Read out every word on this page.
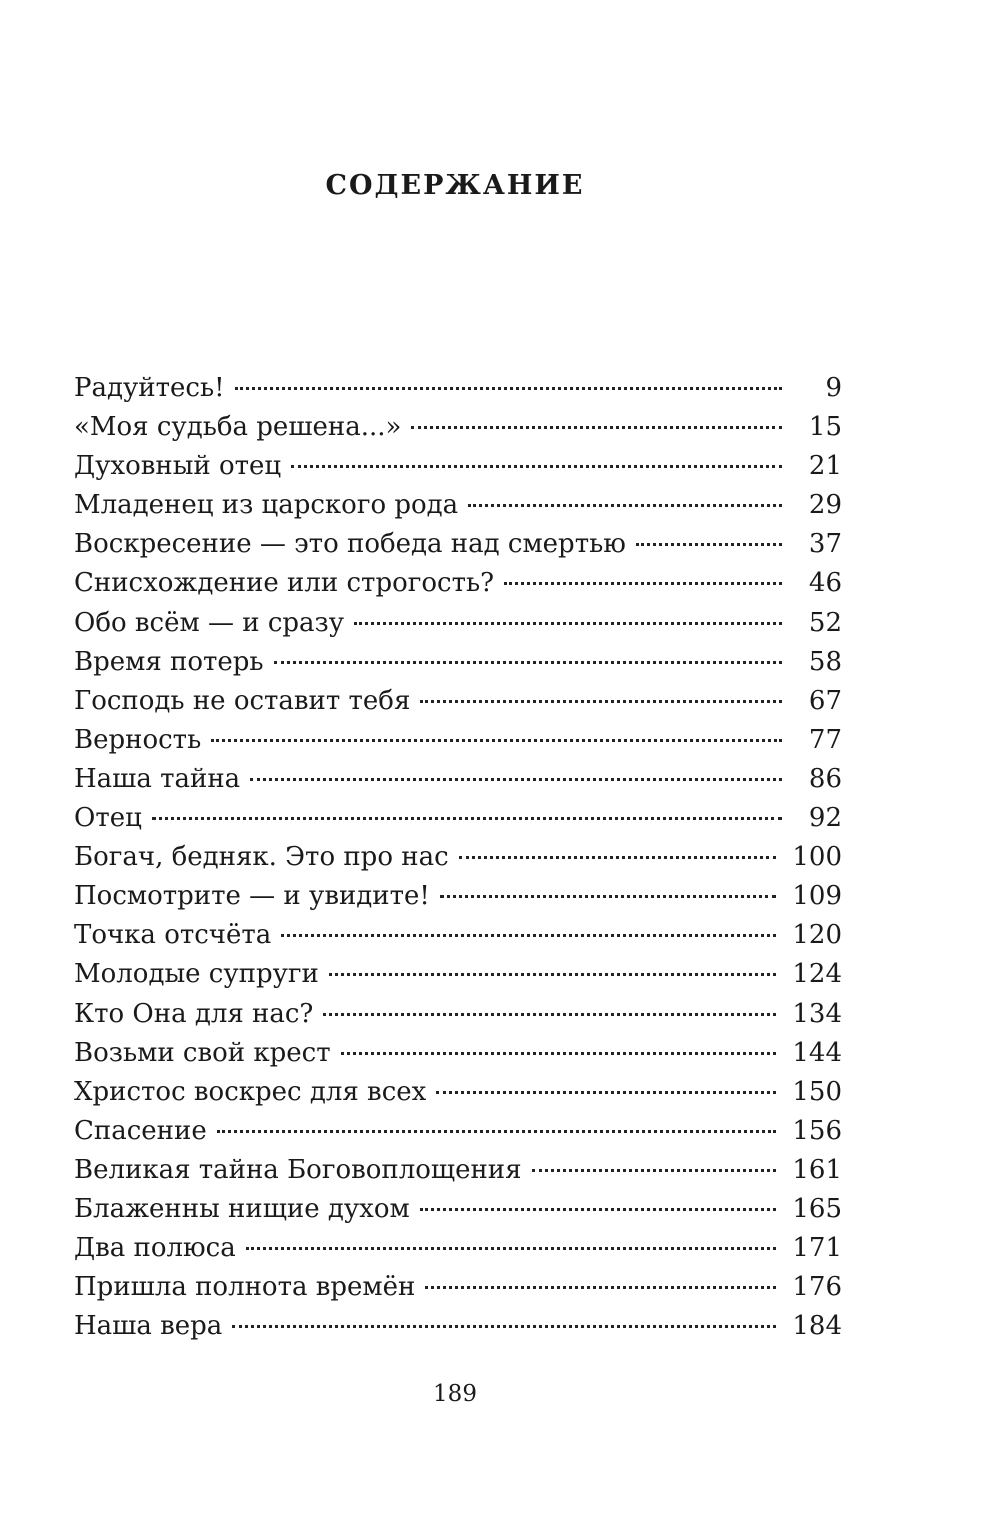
СОДЕРЖАНИЕ
Радуйтесь!	9
«Моя судьба решена...»	15
Духовный отец	21
Младенец из царского рода	29
Воскресение — это победа над смертью	37
Снисхождение или строгость?	46
Обо всём — и сразу	52
Время потерь	58
Господь не оставит тебя	67
Верность	77
Наша тайна	86
Отец	92
Богач, бедняк. Это про нас	100
Посмотрите — и увидите!	109
Точка отсчёта	120
Молодые супруги	124
Кто Она для нас?	134
Возьми свой крест	144
Христос воскрес для всех	150
Спасение	156
Великая тайна Боговоплощения	161
Блаженны нищие духом	165
Два полюса	171
Пришла полнота времён	176
Наша вера	184
189
